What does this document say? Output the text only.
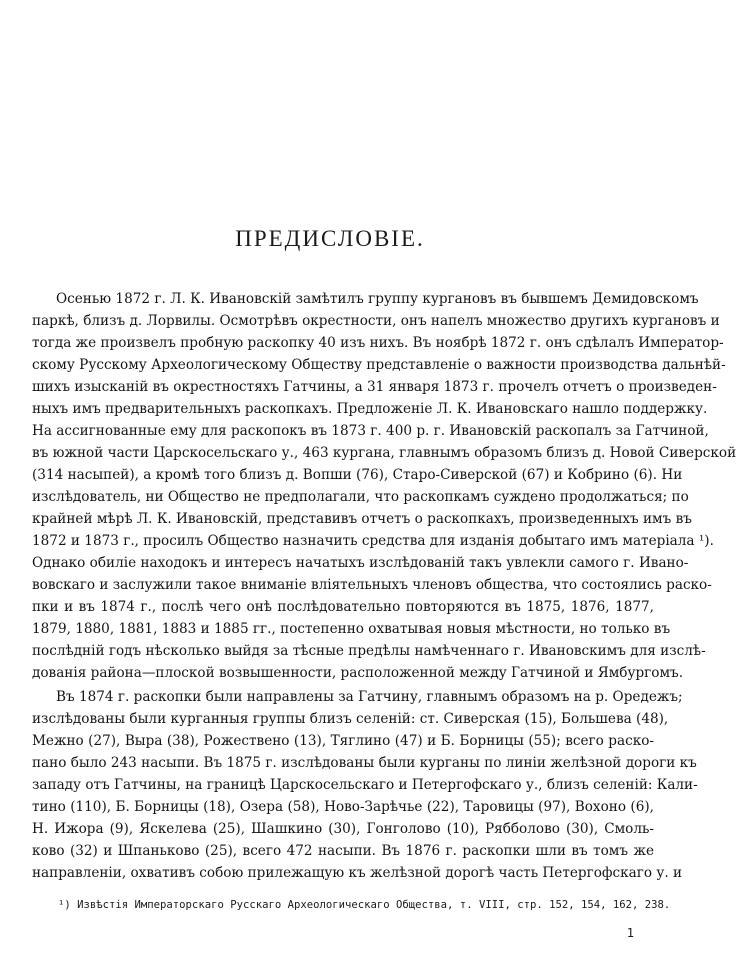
ПРЕДИСЛОВІЕ.
Осенью 1872 г. Л. К. Ивановскій замѣтилъ группу кургановъ въ бывшемъ Демидовскомъ
паркѣ, близъ д. Лорвилы. Осмотрѣвъ окрестности, онъ напелъ множество другихъ кургановъ и
тогда же произвелъ пробную раскопку 40 изъ нихъ. Въ ноябрѣ 1872 г. онъ сдѣлалъ Император-
скому Русскому Археологическому Обществу представленіе о важности производства дальнѣй-
шихъ изысканій въ окрестностяхъ Гатчины, а 31 января 1873 г. прочелъ отчетъ о произведен-
ныхъ имъ предварительныхъ раскопкахъ. Предложеніе Л. К. Ивановскаго нашло поддержку.
На ассигнованные ему для раскопокъ въ 1873 г. 400 р. г. Ивановскій раскопалъ за Гатчиной,
въ южной части Царскосельскаго у., 463 кургана, главнымъ образомъ близъ д. Новой Сиверской
(314 насыпей), а кромѣ того близъ д. Вопши (76), Старо-Сиверской (67) и Кобрино (6). Ни
изслѣдователь, ни Общество не предполагали, что раскопкамъ суждено продолжаться; по
крайней мѣрѣ Л. К. Ивановскій, представивъ отчетъ о раскопкахъ, произведенныхъ имъ въ
1872 и 1873 г., просилъ Общество назначить средства для изданія добытаго имъ матеріала ¹).
Однако обиліе находокъ и интересъ начатыхъ изслѣдованій такъ увлекли самого г. Ивано-
вовскаго и заслужили такое вниманіе вліятельныхъ членовъ общества, что состоялись раско-
пки и въ 1874 г., послѣ чего онѣ послѣдовательно повторяются въ 1875, 1876, 1877,
1879, 1880, 1881, 1883 и 1885 гг., постепенно охватывая новыя мѣстности, но только въ
послѣдній годъ нѣсколько выйдя за тѣсные предѣлы намѣченнаго г. Ивановскимъ для изслѣ-
дованія района—плоской возвышенности, расположенной между Гатчиной и Ямбургомъ.
Въ 1874 г. раскопки были направлены за Гатчину, главнымъ образомъ на р. Оредежъ;
изслѣдованы были курганныя группы близъ селеній: ст. Сиверская (15), Большева (48),
Межно (27), Выра (38), Рожествено (13), Тяглино (47) и Б. Борницы (55); всего раско-
пано было 243 насыпи. Въ 1875 г. изслѣдованы были курганы по линіи желѣзной дороги къ
западу отъ Гатчины, на границѣ Царскосельскаго и Петергофскаго у., близъ селеній: Кали-
тино (110), Б. Борницы (18), Озера (58), Ново-Зарѣчье (22), Таровицы (97), Вохоно (6),
Н. Ижора (9), Яскелева (25), Шашкино (30), Гонголово (10), Рябболово (30), Смоль-
ково (32) и Шпаньково (25), всего 472 насыпи. Въ 1876 г. раскопки шли въ томъ же
направленіи, охвативъ собою прилежащую къ желѣзной дорогѣ часть Петергофскаго у. и
¹) Извѣстія Императорскаго Русскаго Археологическаго Общества, т. VIII, стр. 152, 154, 162, 238.
1
